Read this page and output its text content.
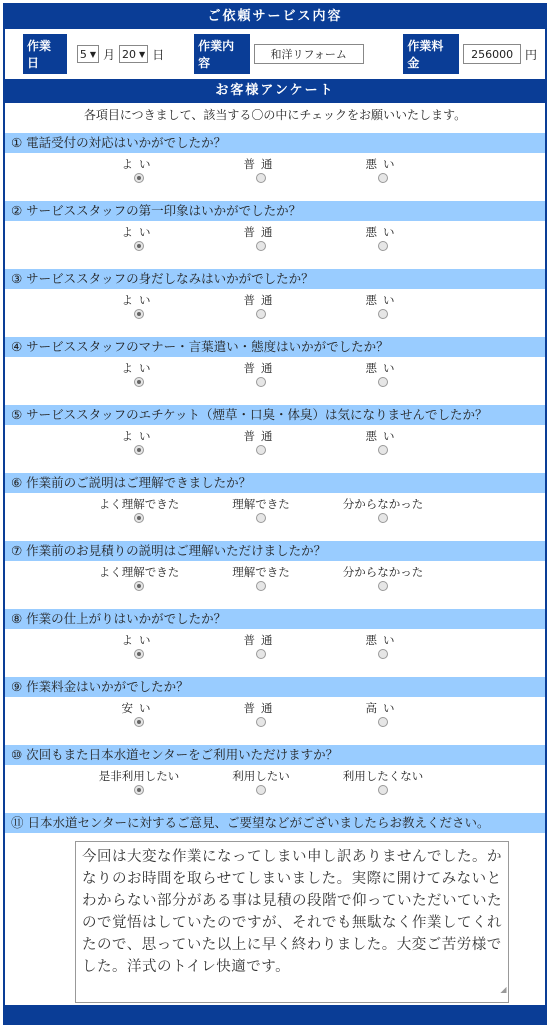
ご依頼サービス内容
作業日
5 ▼ 月 20 ▼ 日
作業内容
和洋リフォーム
作業料金
256000 円
お客様アンケート
各項目につきまして、該当する〇の中にチェックをお願いいたします。
① 電話受付の対応はいかがでしたか？
よい	普通	悪い
② サービススタッフの第一印象はいかがでしたか？
よい	普通	悪い
③ サービススタッフの身だしなみはいかがでしたか？
よい	普通	悪い
④ サービススタッフのマナー・言葉遣い・態度はいかがでしたか？
よい	普通	悪い
⑤ サービススタッフのエチケット（煙草・口臭・体臭）は気になりませんでしたか？
よい	普通	悪い
⑥ 作業前のご説明はご理解できましたか？
よく理解できた	理解できた	分からなかった
⑦ 作業前のお見積りの説明はご理解いただけましたか？
よく理解できた	理解できた	分からなかった
⑧ 作業の仕上がりはいかがでしたか？
よい	普通	悪い
⑨ 作業料金はいかがでしたか？
安い	普通	高い
⑩ 次回もまた日本水道センターをご利用いただけますか？
是非利用したい	利用したい	利用したくない
⑪ 日本水道センターに対するご意見、ご要望などがございましたらお教えください。
今回は大変な作業になってしまい申し訳ありませんでした。かなりのお時間を取らせてしまいました。実際に開けてみないとわからない部分がある事は見積の段階で仰っていただいていたので覚悟はしていたのですが、それでも無駄なく作業してくれたので、思っていた以上に早く終わりました。大変ご苦労様でした。洋式のトイレ快適です。
◢
